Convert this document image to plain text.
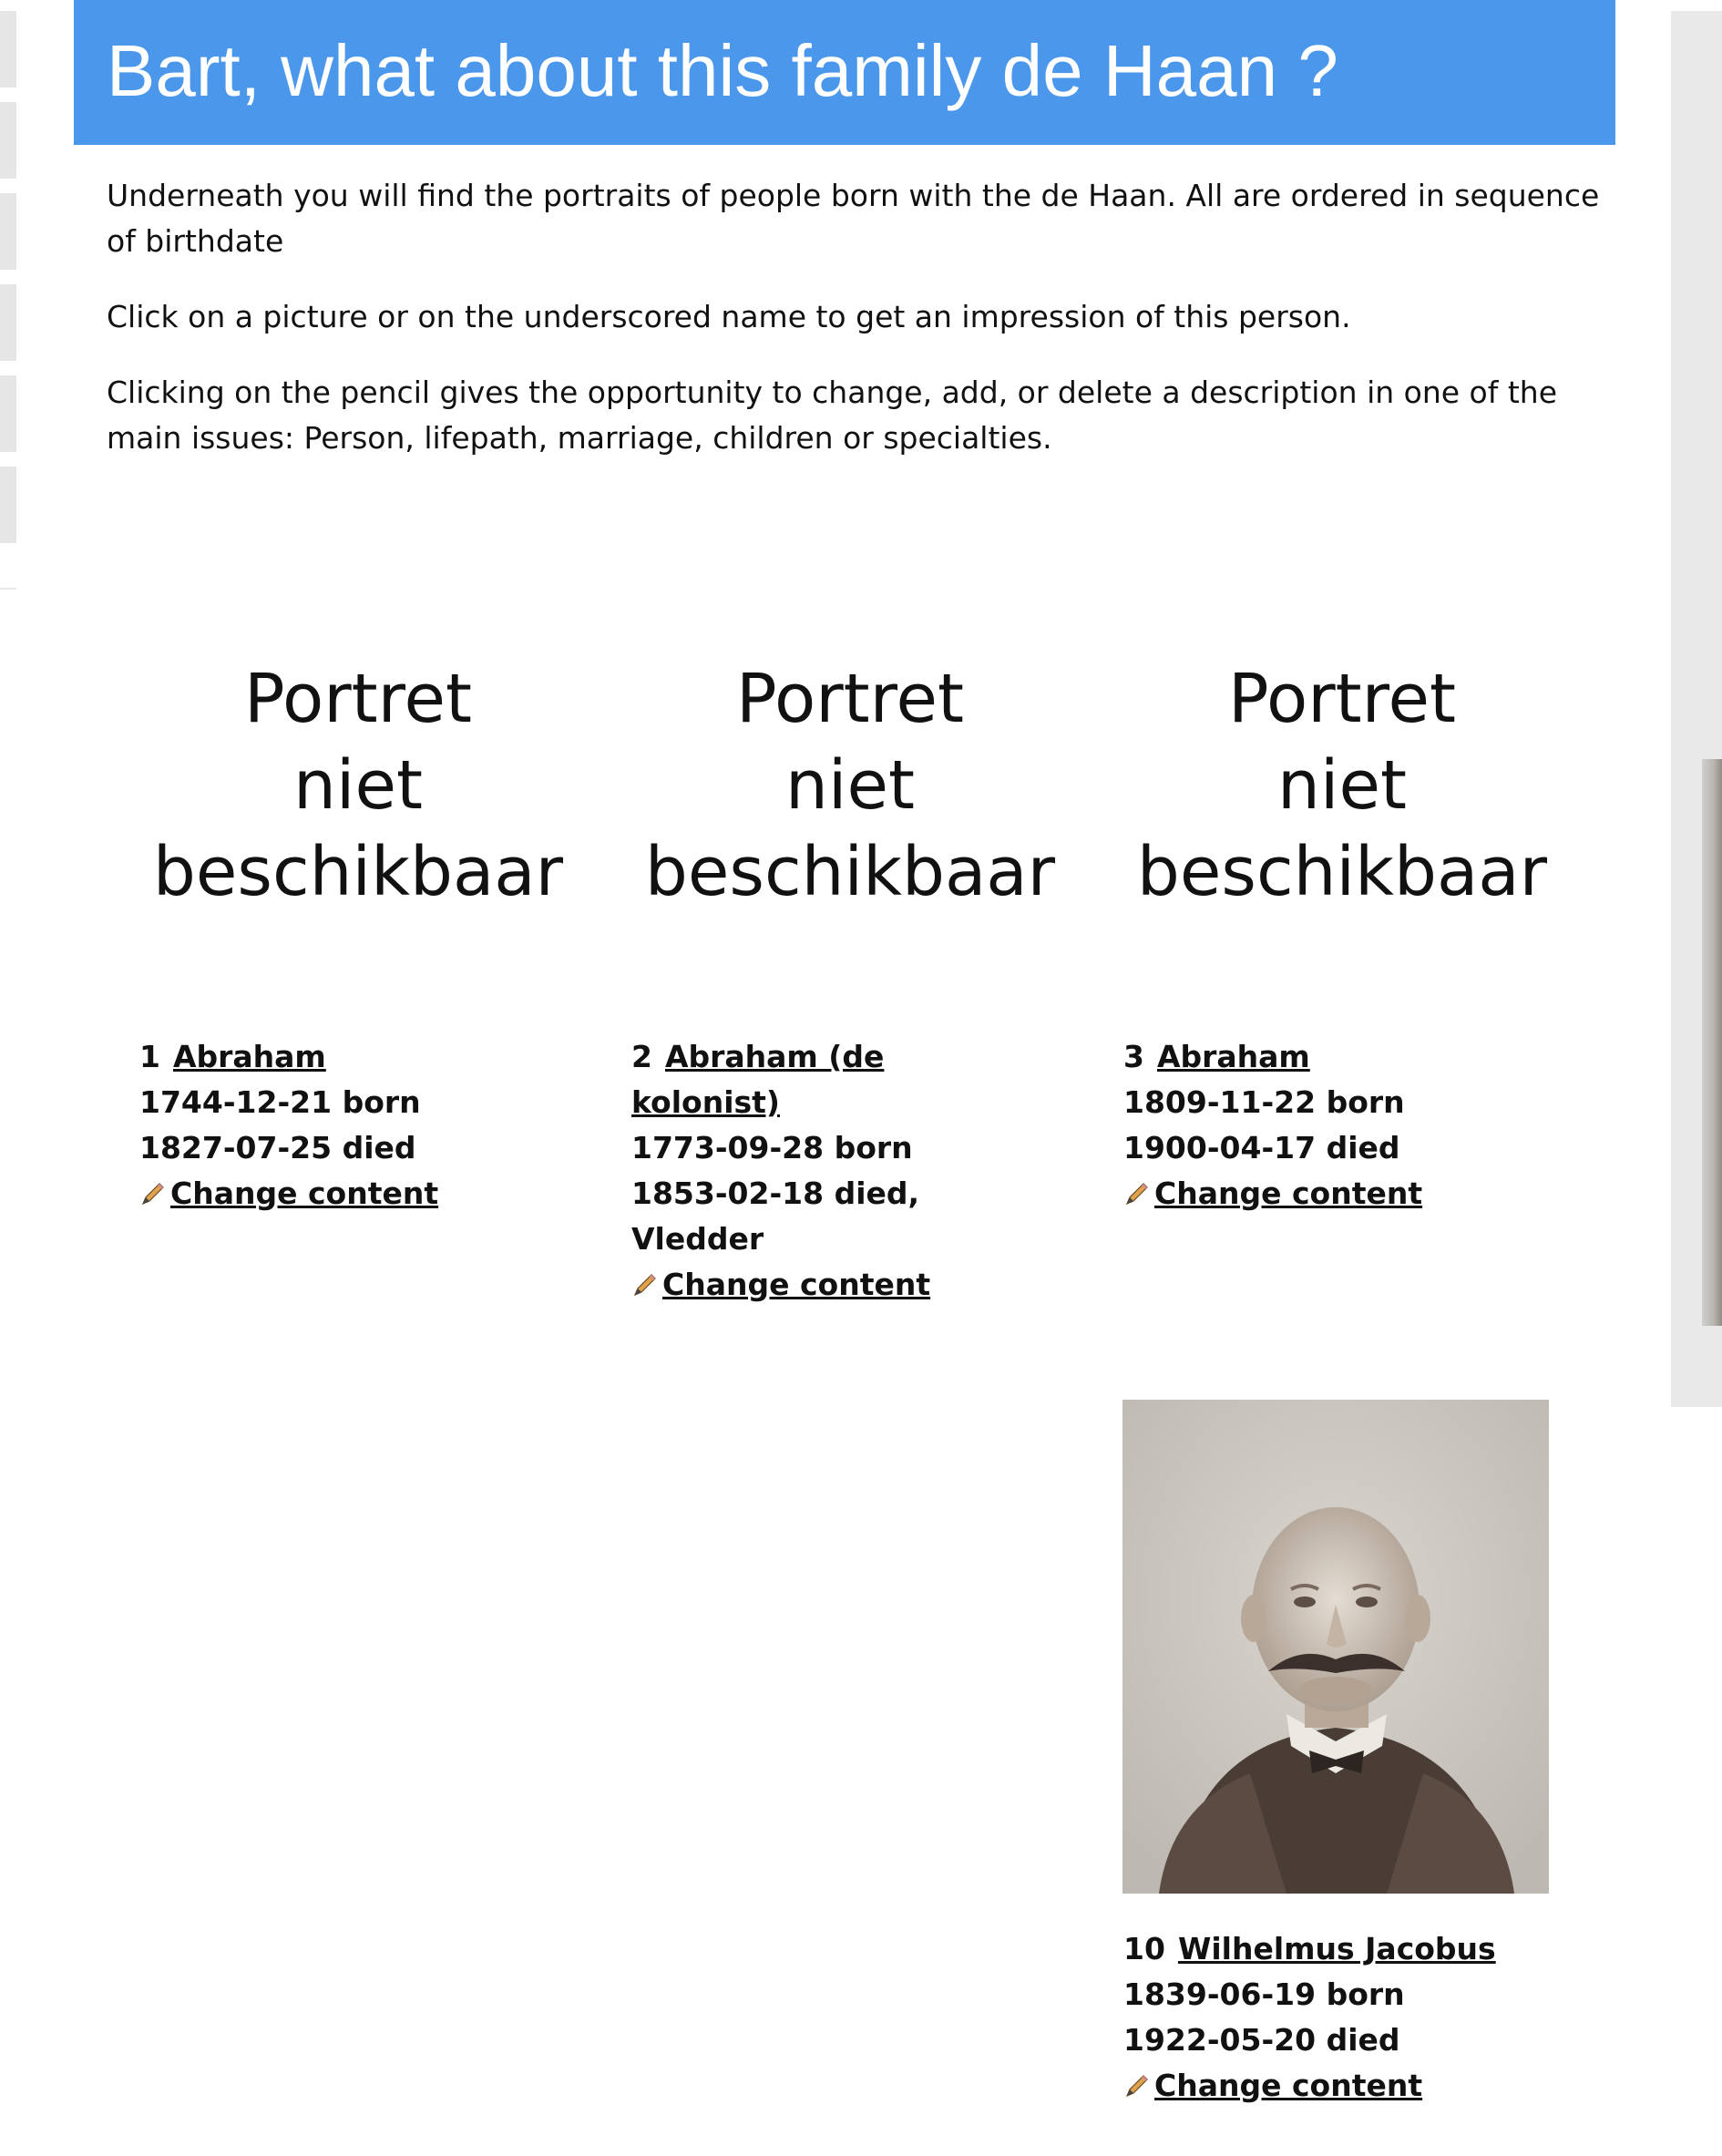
Bart, what about this family de Haan ?

Underneath you will find the portraits of people born with the de Haan. All are ordered in sequence of birthdate

Click on a picture or on the underscored name to get an impression of this person.

Clicking on the pencil gives the opportunity to change, add, or delete a description in one of the main issues: Person, lifepath, marriage, children or specialties.

Portret
niet
beschikbaar
Portret
niet
beschikbaar
Portret
niet
beschikbaar
1 Abraham
1744-12-21 born
1827-07-25 died
Change content
2 Abraham (de kolonist)
1773-09-28 born
1853-02-18 died, Vledder
Change content
3 Abraham
1809-11-22 born
1900-04-17 died
Change content
10 Wilhelmus Jacobus
1839-06-19 born
1922-05-20 died
Change content
